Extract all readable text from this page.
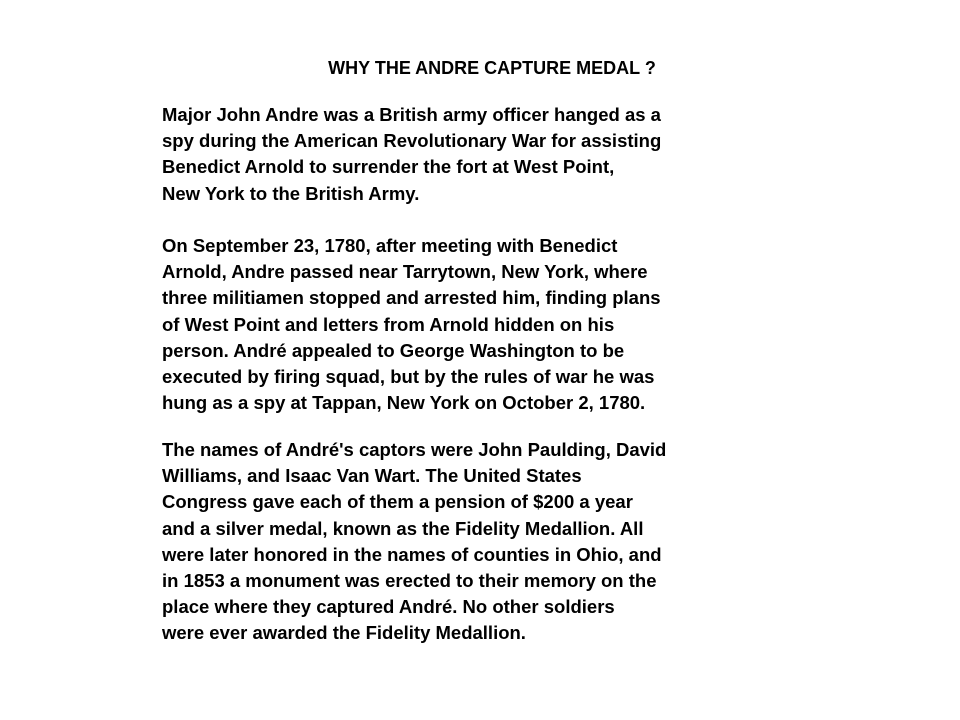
WHY THE ANDRE CAPTURE MEDAL ?

Major John Andre was a British army officer hanged as a
spy during the American Revolutionary War for assisting
Benedict Arnold to surrender the fort at West Point,
New York to the British Army.

On September 23, 1780, after meeting with Benedict
Arnold, Andre passed near Tarrytown, New York, where
three militiamen stopped and arrested him, finding plans
of West Point and letters from Arnold hidden on his
person. André appealed to George Washington to be
executed by firing squad, but by the rules of war he was
hung as a spy at Tappan, New York on October 2, 1780.

The names of André's captors were John Paulding, David
Williams, and Isaac Van Wart. The United States
Congress gave each of them a pension of $200 a year
and a silver medal, known as the Fidelity Medallion. All
were later honored in the names of counties in Ohio, and
in 1853 a monument was erected to their memory on the
place where they captured André. No other soldiers
were ever awarded the Fidelity Medallion.
